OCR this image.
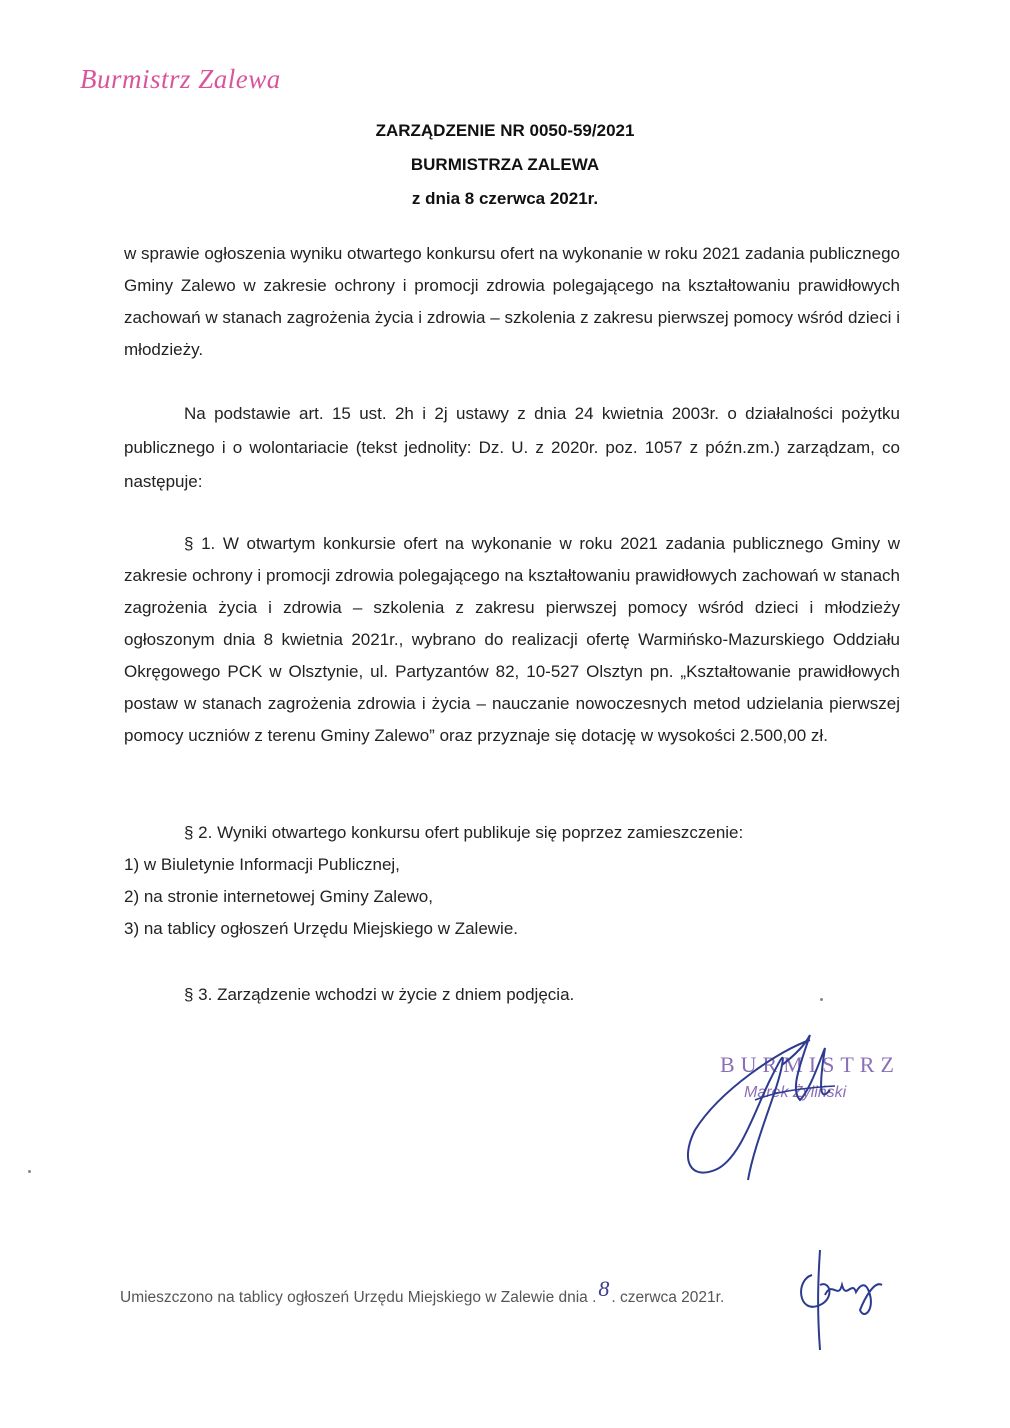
Burmistrz Zalewa
ZARZĄDZENIE NR 0050-59/2021
BURMISTRZA ZALEWA
z dnia 8 czerwca 2021r.
w sprawie ogłoszenia wyniku otwartego konkursu ofert na wykonanie w roku 2021 zadania publicznego Gminy Zalewo w zakresie ochrony i promocji zdrowia polegającego na kształtowaniu prawidłowych zachowań w stanach zagrożenia życia i zdrowia – szkolenia z zakresu pierwszej pomocy wśród dzieci i młodzieży.
Na podstawie art. 15 ust. 2h i 2j ustawy z dnia 24 kwietnia 2003r. o działalności pożytku publicznego i o wolontariacie (tekst jednolity: Dz. U. z 2020r. poz. 1057 z późn.zm.) zarządzam, co następuje:
§ 1. W otwartym konkursie ofert na wykonanie w roku 2021 zadania publicznego Gminy w zakresie ochrony i promocji zdrowia polegającego na kształtowaniu prawidłowych zachowań w stanach zagrożenia życia i zdrowia – szkolenia z zakresu pierwszej pomocy wśród dzieci i młodzieży ogłoszonym dnia 8 kwietnia 2021r., wybrano do realizacji ofertę Warmińsko-Mazurskiego Oddziału Okręgowego PCK w Olsztynie, ul. Partyzantów 82, 10-527 Olsztyn pn. „Kształtowanie prawidłowych postaw w stanach zagrożenia zdrowia i życia – nauczanie nowoczesnych metod udzielania pierwszej pomocy uczniów z terenu Gminy Zalewo” oraz przyznaje się dotację w wysokości 2.500,00 zł.
§ 2. Wyniki otwartego konkursu ofert publikuje się poprzez zamieszczenie:
1) w Biuletynie Informacji Publicznej,
2) na stronie internetowej Gminy Zalewo,
3) na tablicy ogłoszeń Urzędu Miejskiego w Zalewie.
§ 3. Zarządzenie wchodzi w życie z dniem podjęcia.
BURMISTRZ
Marek Żyliński
Umieszczono na tablicy ogłoszeń Urzędu Miejskiego w Zalewie dnia .8 . czerwca 2021r.
